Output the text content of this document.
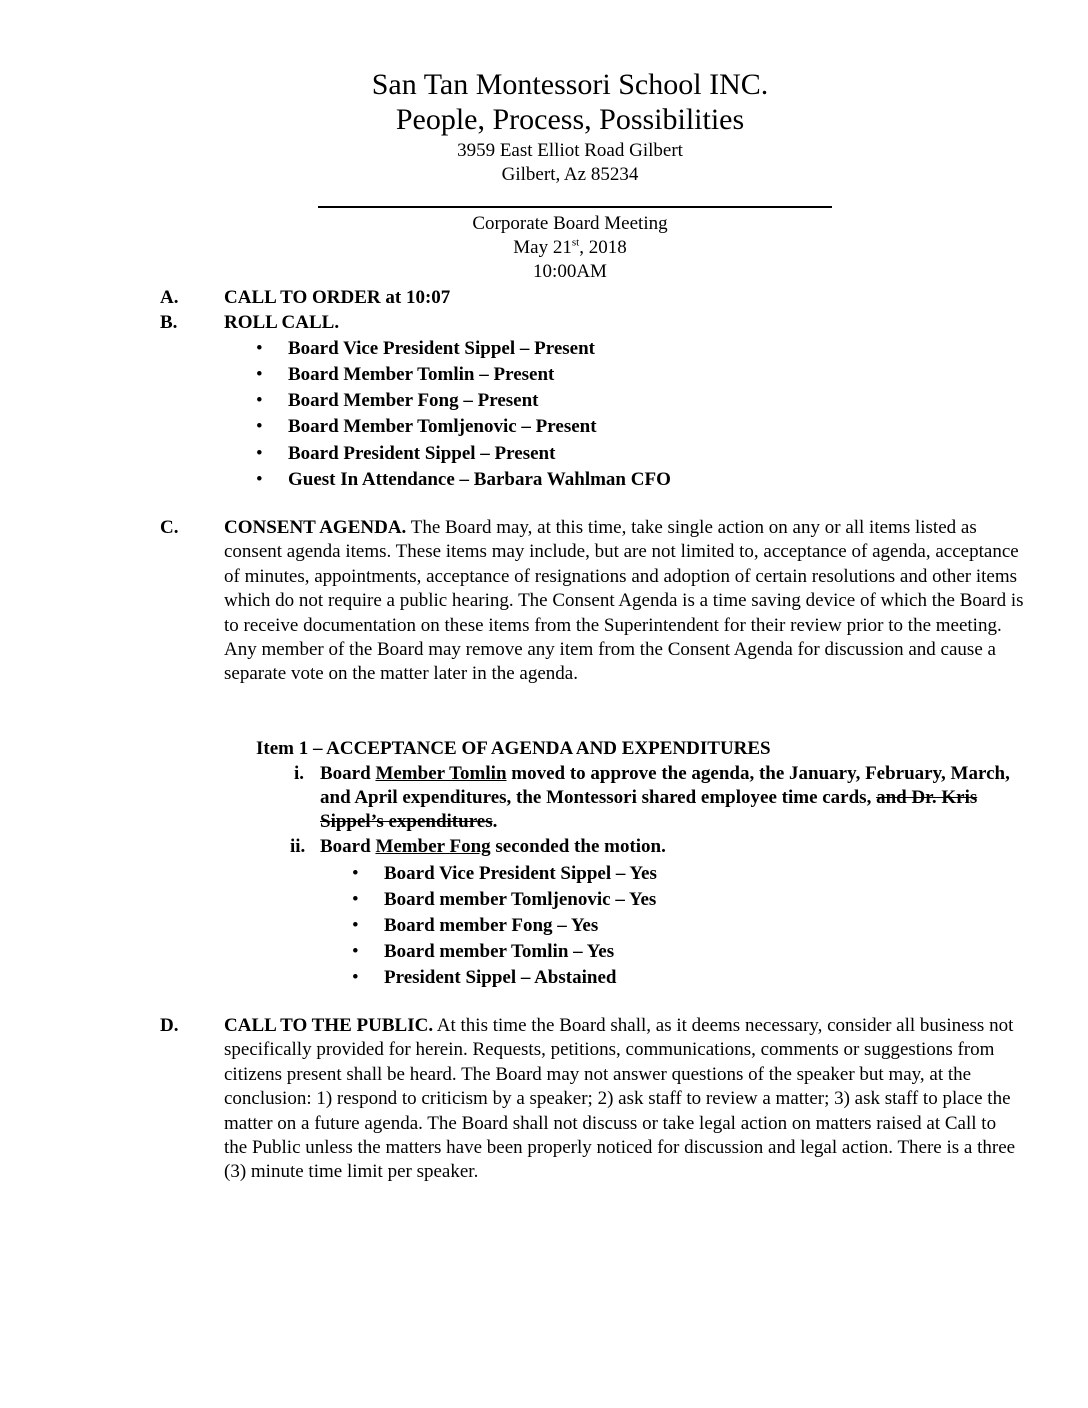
San Tan Montessori School INC.
People, Process, Possibilities
3959 East Elliot Road Gilbert
Gilbert, Az 85234
Corporate Board Meeting
May 21st, 2018
10:00AM
A. CALL TO ORDER at 10:07
B. ROLL CALL.
• Board Vice President Sippel – Present
• Board Member Tomlin – Present
• Board Member Fong – Present
• Board Member Tomljenovic – Present
• Board President Sippel – Present
• Guest In Attendance – Barbara Wahlman CFO
C. CONSENT AGENDA. The Board may, at this time, take single action on any or all items listed as consent agenda items. These items may include, but are not limited to, acceptance of agenda, acceptance of minutes, appointments, acceptance of resignations and adoption of certain resolutions and other items which do not require a public hearing. The Consent Agenda is a time saving device of which the Board is to receive documentation on these items from the Superintendent for their review prior to the meeting. Any member of the Board may remove any item from the Consent Agenda for discussion and cause a separate vote on the matter later in the agenda.
Item 1 – ACCEPTANCE OF AGENDA AND EXPENDITURES
i. Board Member Tomlin moved to approve the agenda, the January, February, March, and April expenditures, the Montessori shared employee time cards, and Dr. Kris Sippel’s expenditures.
ii. Board Member Fong seconded the motion.
• Board Vice President Sippel – Yes
• Board member Tomljenovic – Yes
• Board member Fong – Yes
• Board member Tomlin – Yes
• President Sippel – Abstained
D. CALL TO THE PUBLIC. At this time the Board shall, as it deems necessary, consider all business not specifically provided for herein. Requests, petitions, communications, comments or suggestions from citizens present shall be heard. The Board may not answer questions of the speaker but may, at the conclusion: 1) respond to criticism by a speaker; 2) ask staff to review a matter; 3) ask staff to place the matter on a future agenda. The Board shall not discuss or take legal action on matters raised at Call to the Public unless the matters have been properly noticed for discussion and legal action. There is a three (3) minute time limit per speaker.
